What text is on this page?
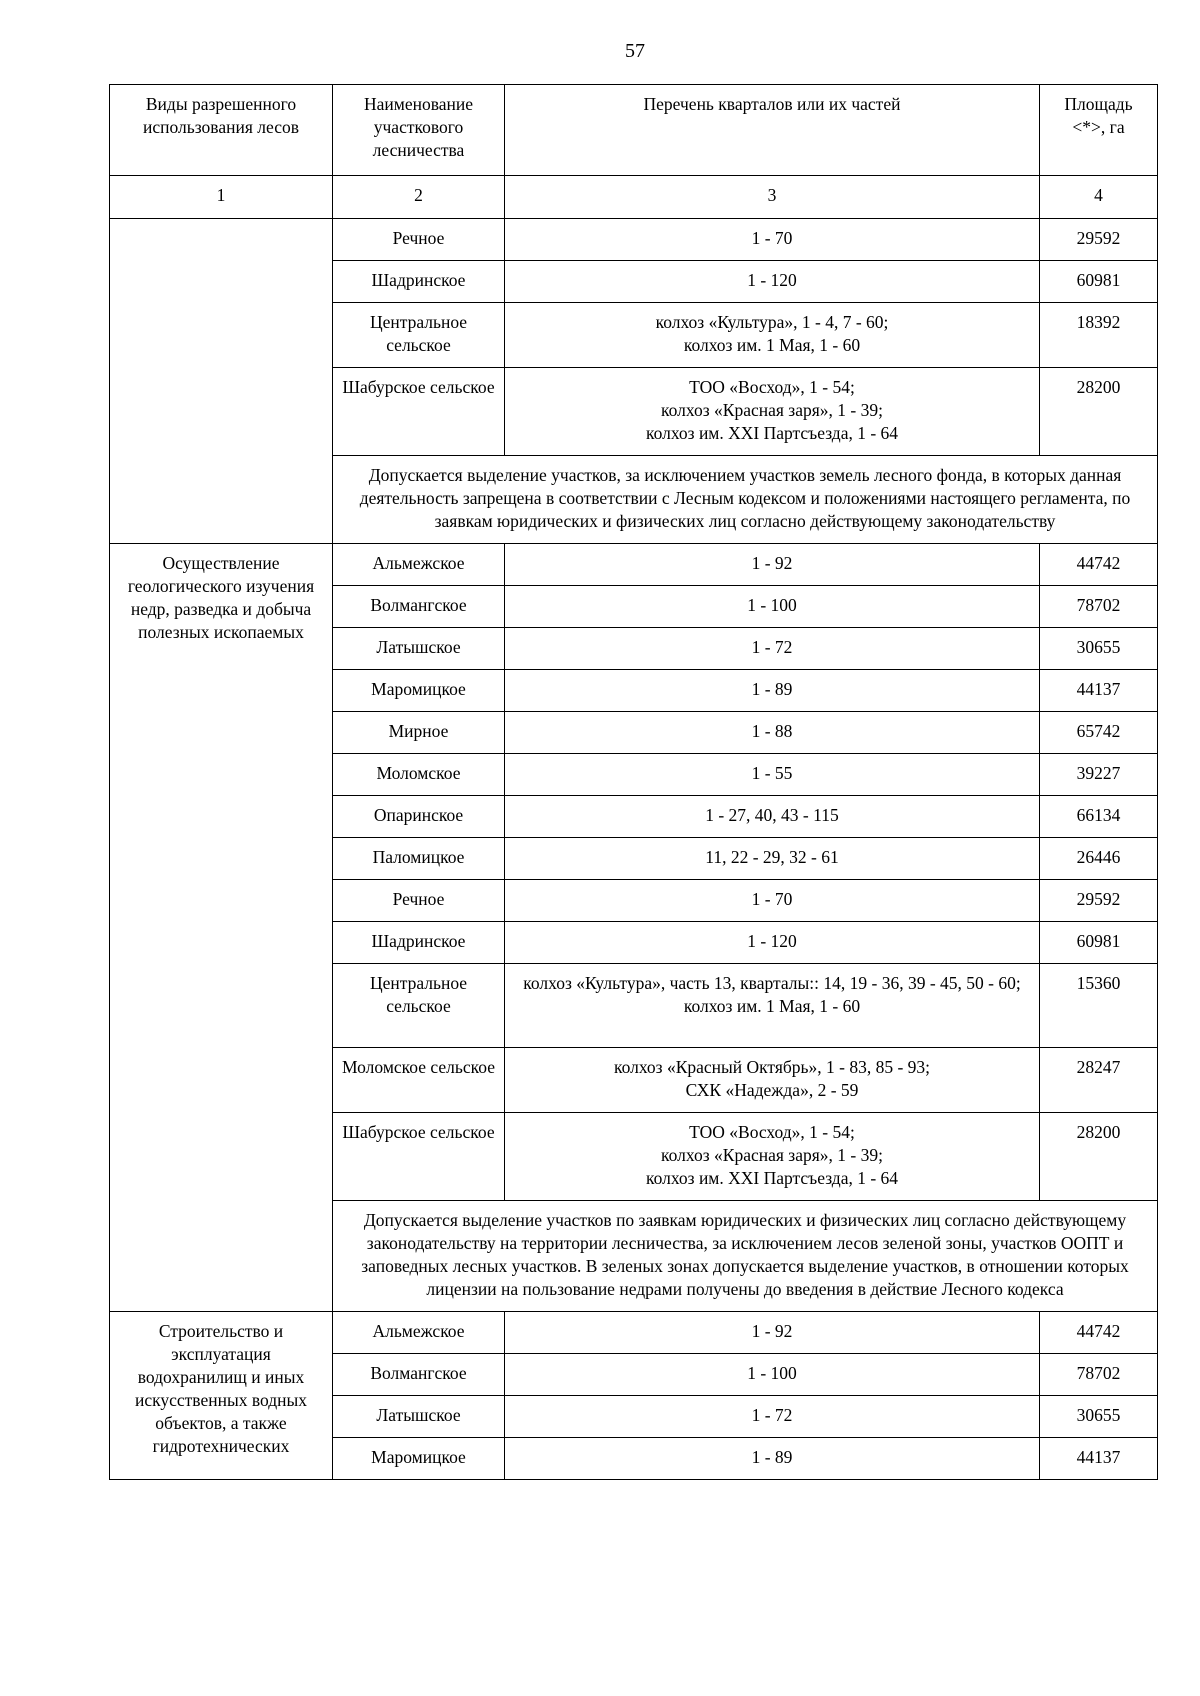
57
Виды разрешенного использования лесов	Наименование участкового лесничества	Перечень кварталов или их частей	Площадь <*>, га
1	2	3	4
	Речное	1 - 70	29592
	Шадринское	1 - 120	60981
	Центральное сельское	колхоз «Культура», 1 - 4, 7 - 60;
колхоз им. 1 Мая, 1 - 60	18392
	Шабурское сельское	ТОО «Восход», 1 - 54;
колхоз «Красная заря», 1 - 39;
колхоз им. XXI Партсъезда, 1 - 64	28200
	Допускается выделение участков, за исключением участков земель лесного фонда, в которых данная деятельность запрещена в соответствии с Лесным кодексом и положениями настоящего регламента, по заявкам юридических и физических лиц согласно действующему законодательству		
Осуществление геологического изучения недр, разведка и добыча полезных ископаемых	Альмежское	1 - 92	44742
	Волмангское	1 - 100	78702
	Латышское	1 - 72	30655
	Маромицкое	1 - 89	44137
	Мирное	1 - 88	65742
	Моломское	1 - 55	39227
	Опаринское	1 - 27, 40, 43 - 115	66134
	Паломицкое	11, 22 - 29, 32 - 61	26446
	Речное	1 - 70	29592
	Шадринское	1 - 120	60981
	Центральное сельское	колхоз «Культура», часть 13, кварталы:: 14, 19 - 36, 39 - 45, 50 - 60;
колхоз им. 1 Мая, 1 - 60	15360
	Моломское сельское	колхоз «Красный Октябрь», 1 - 83, 85 - 93;
СХК «Надежда», 2 - 59	28247
	Шабурское сельское	ТОО «Восход», 1 - 54;
колхоз «Красная заря», 1 - 39;
колхоз им. XXI Партсъезда, 1 - 64	28200
	Допускается выделение участков по заявкам юридических и физических лиц согласно действующему законодательству на территории лесничества, за исключением лесов зеленой зоны, участков ООПТ и заповедных лесных участков. В зеленых зонах допускается выделение участков, в отношении которых лицензии на пользование недрами получены до введения в действие Лесного кодекса		
Строительство и эксплуатация водохранилищ и иных искусственных водных объектов, а также гидротехнических	Альмежское	1 - 92	44742
	Волмангское	1 - 100	78702
	Латышское	1 - 72	30655
	Маромицкое	1 - 89	44137
